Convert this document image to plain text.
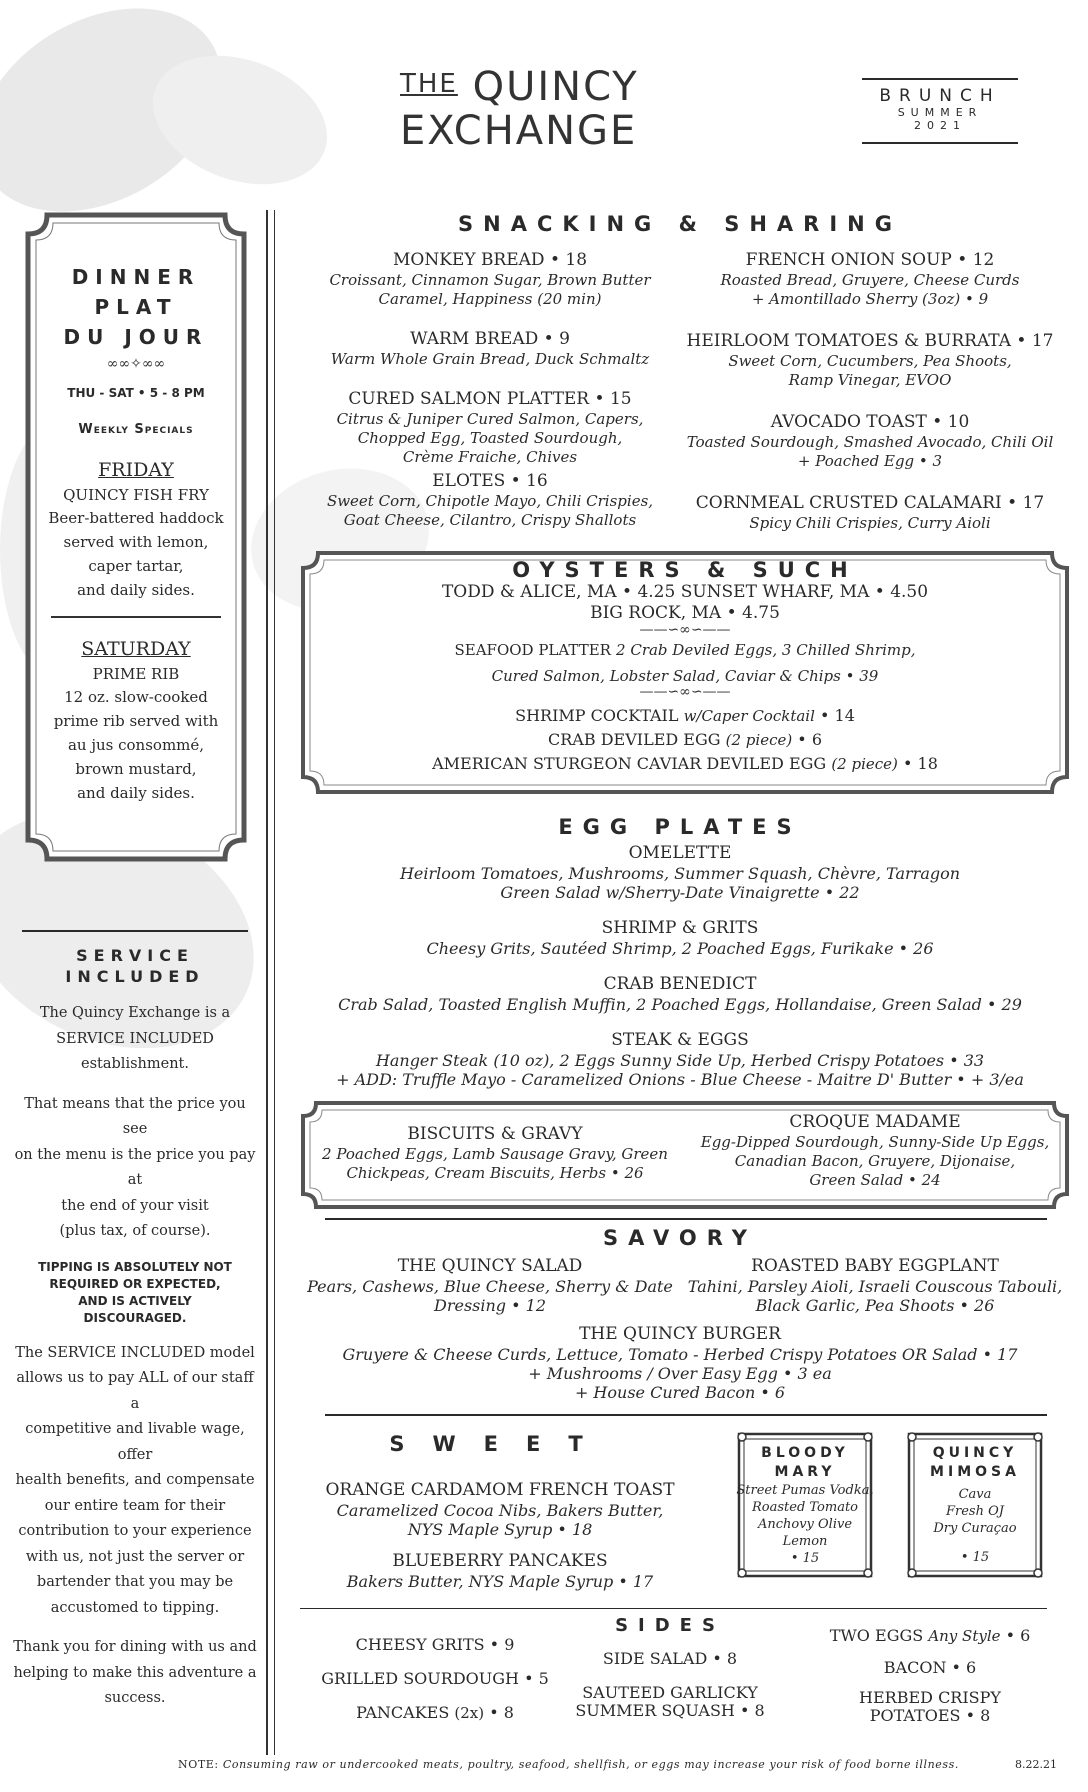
$^{THE}$ QUINCY
EXCHANGE
BRUNCH
SUMMER
2021
DINNER
PLAT
DU JOUR
∞∞✧∞∞
THU - SAT • 5 - 8 PM
Weekly Specials
FRIDAY
QUINCY FISH FRY
Beer-battered haddock
served with lemon,
caper tartar,
and daily sides.
SATURDAY
PRIME RIB
12 oz. slow-cooked
prime rib served with
au jus consommé,
brown mustard,
and daily sides.
SERVICE
INCLUDED
The Quincy Exchange is a
SERVICE INCLUDED
establishment.
That means that the price you see
on the menu is the price you pay at
the end of your visit
(plus tax, of course).
TIPPING IS ABSOLUTELY NOT
REQUIRED OR EXPECTED,
AND IS ACTIVELY
DISCOURAGED.
The SERVICE INCLUDED model
allows us to pay ALL of our staff a
competitive and livable wage, offer
health benefits, and compensate
our entire team for their
contribution to your experience
with us, not just the server or
bartender that you may be
accustomed to tipping.
Thank you for dining with us and
helping to make this adventure a
success.
SNACKING & SHARING
MONKEY BREAD • 18
Croissant, Cinnamon Sugar, Brown Butter
Caramel, Happiness (20 min)
WARM BREAD • 9
Warm Whole Grain Bread, Duck Schmaltz
CURED SALMON PLATTER • 15
Citrus & Juniper Cured Salmon, Capers,
Chopped Egg, Toasted Sourdough,
Crème Fraiche, Chives
ELOTES • 16
Sweet Corn, Chipotle Mayo, Chili Crispies,
Goat Cheese, Cilantro, Crispy Shallots
FRENCH ONION SOUP • 12
Roasted Bread, Gruyere, Cheese Curds
+ Amontillado Sherry (3oz) • 9
HEIRLOOM TOMATOES & BURRATA • 17
Sweet Corn, Cucumbers, Pea Shoots,
Ramp Vinegar, EVOO
AVOCADO TOAST • 10
Toasted Sourdough, Smashed Avocado, Chili Oil
+ Poached Egg • 3
CORNMEAL CRUSTED CALAMARI • 17
Spicy Chili Crispies, Curry Aioli
OYSTERS & SUCH
TODD & ALICE, MA • 4.25 SUNSET WHARF, MA • 4.50
BIG ROCK, MA • 4.75
——∽∞∽——
SEAFOOD PLATTER 2 Crab Deviled Eggs, 3 Chilled Shrimp,
Cured Salmon, Lobster Salad, Caviar & Chips • 39
——∽∞∽——
SHRIMP COCKTAIL w/Caper Cocktail • 14
CRAB DEVILED EGG (2 piece) • 6
AMERICAN STURGEON CAVIAR DEVILED EGG (2 piece) • 18
EGG PLATES
OMELETTE
Heirloom Tomatoes, Mushrooms, Summer Squash, Chèvre, Tarragon
Green Salad w/Sherry-Date Vinaigrette • 22
SHRIMP & GRITS
Cheesy Grits, Sautéed Shrimp, 2 Poached Eggs, Furikake • 26
CRAB BENEDICT
Crab Salad, Toasted English Muffin, 2 Poached Eggs, Hollandaise, Green Salad • 29
STEAK & EGGS
Hanger Steak (10 oz), 2 Eggs Sunny Side Up, Herbed Crispy Potatoes • 33
+ ADD: Truffle Mayo - Caramelized Onions - Blue Cheese - Maitre D' Butter • + 3/ea
BISCUITS & GRAVY
2 Poached Eggs, Lamb Sausage Gravy, Green
Chickpeas, Cream Biscuits, Herbs • 26
CROQUE MADAME
Egg-Dipped Sourdough, Sunny-Side Up Eggs,
Canadian Bacon, Gruyere, Dijonaise,
Green Salad • 24
SAVORY
THE QUINCY SALAD
Pears, Cashews, Blue Cheese, Sherry & Date
Dressing • 12
ROASTED BABY EGGPLANT
Tahini, Parsley Aioli, Israeli Couscous Tabouli,
Black Garlic, Pea Shoots • 26
THE QUINCY BURGER
Gruyere & Cheese Curds, Lettuce, Tomato - Herbed Crispy Potatoes OR Salad • 17
+ Mushrooms / Over Easy Egg • 3 ea
+ House Cured Bacon • 6
SWEET
ORANGE CARDAMOM FRENCH TOAST
Caramelized Cocoa Nibs, Bakers Butter,
NYS Maple Syrup • 18
BLUEBERRY PANCAKES
Bakers Butter, NYS Maple Syrup • 17
BLOODY
MARY
Street Pumas Vodka,
Roasted Tomato
Anchovy Olive
Lemon
• 15
QUINCY
MIMOSA
Cava
Fresh OJ
Dry Curaçao
• 15
SIDES
CHEESY GRITS • 9
GRILLED SOURDOUGH • 5
PANCAKES (2x) • 8
SIDE SALAD • 8
SAUTEED GARLICKY
SUMMER SQUASH • 8
TWO EGGS Any Style • 6
BACON • 6
HERBED CRISPY
POTATOES • 8
NOTE: Consuming raw or undercooked meats, poultry, seafood, shellfish, or eggs may increase your risk of food borne illness.	8.22.21
